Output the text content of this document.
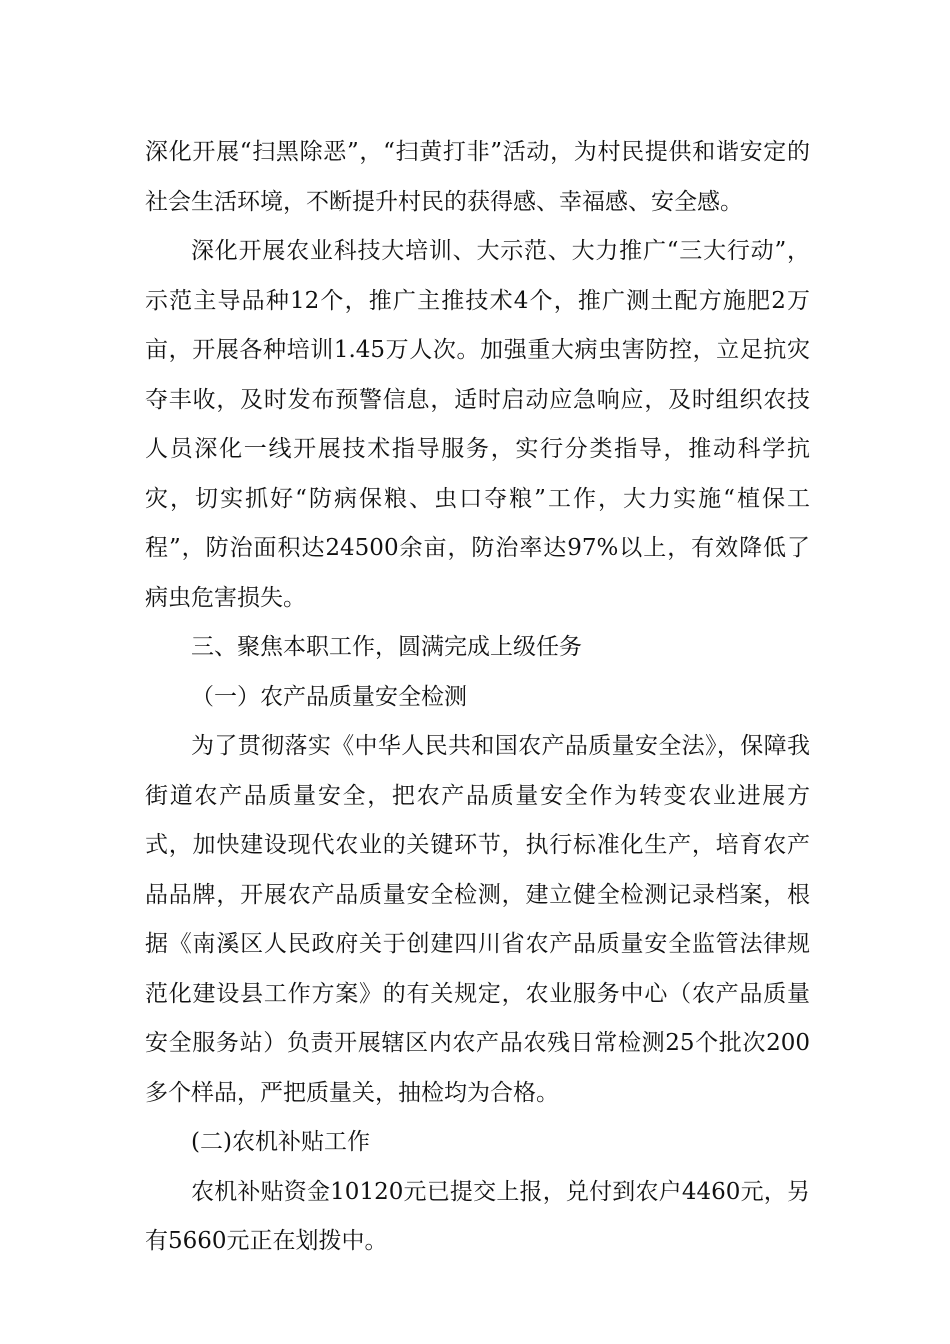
深化开展“扫黑除恶”，“扫黄打非”活动，为村民提供和谐安定的社会生活环境，不断提升村民的获得感、幸福感、安全感。

深化开展农业科技大培训、大示范、大力推广“三大行动”，示范主导品种12个，推广主推技术4个，推广测土配方施肥2万亩，开展各种培训1.45万人次。加强重大病虫害防控，立足抗灾夺丰收，及时发布预警信息，适时启动应急响应，及时组织农技人员深化一线开展技术指导服务，实行分类指导，推动科学抗灾，切实抓好“防病保粮、虫口夺粮”工作，大力实施“植保工程”，防治面积达24500余亩，防治率达97%以上，有效降低了病虫危害损失。

三、聚焦本职工作，圆满完成上级任务

（一）农产品质量安全检测

为了贯彻落实《中华人民共和国农产品质量安全法》，保障我街道农产品质量安全，把农产品质量安全作为转变农业进展方式，加快建设现代农业的关键环节，执行标准化生产，培育农产品品牌，开展农产品质量安全检测，建立健全检测记录档案，根据《南溪区人民政府关于创建四川省农产品质量安全监管法律规范化建设县工作方案》的有关规定，农业服务中心（农产品质量安全服务站）负责开展辖区内农产品农残日常检测25个批次200多个样品，严把质量关，抽检均为合格。

(二)农机补贴工作

农机补贴资金10120元已提交上报，兑付到农户4460元，另有5660元正在划拨中。
